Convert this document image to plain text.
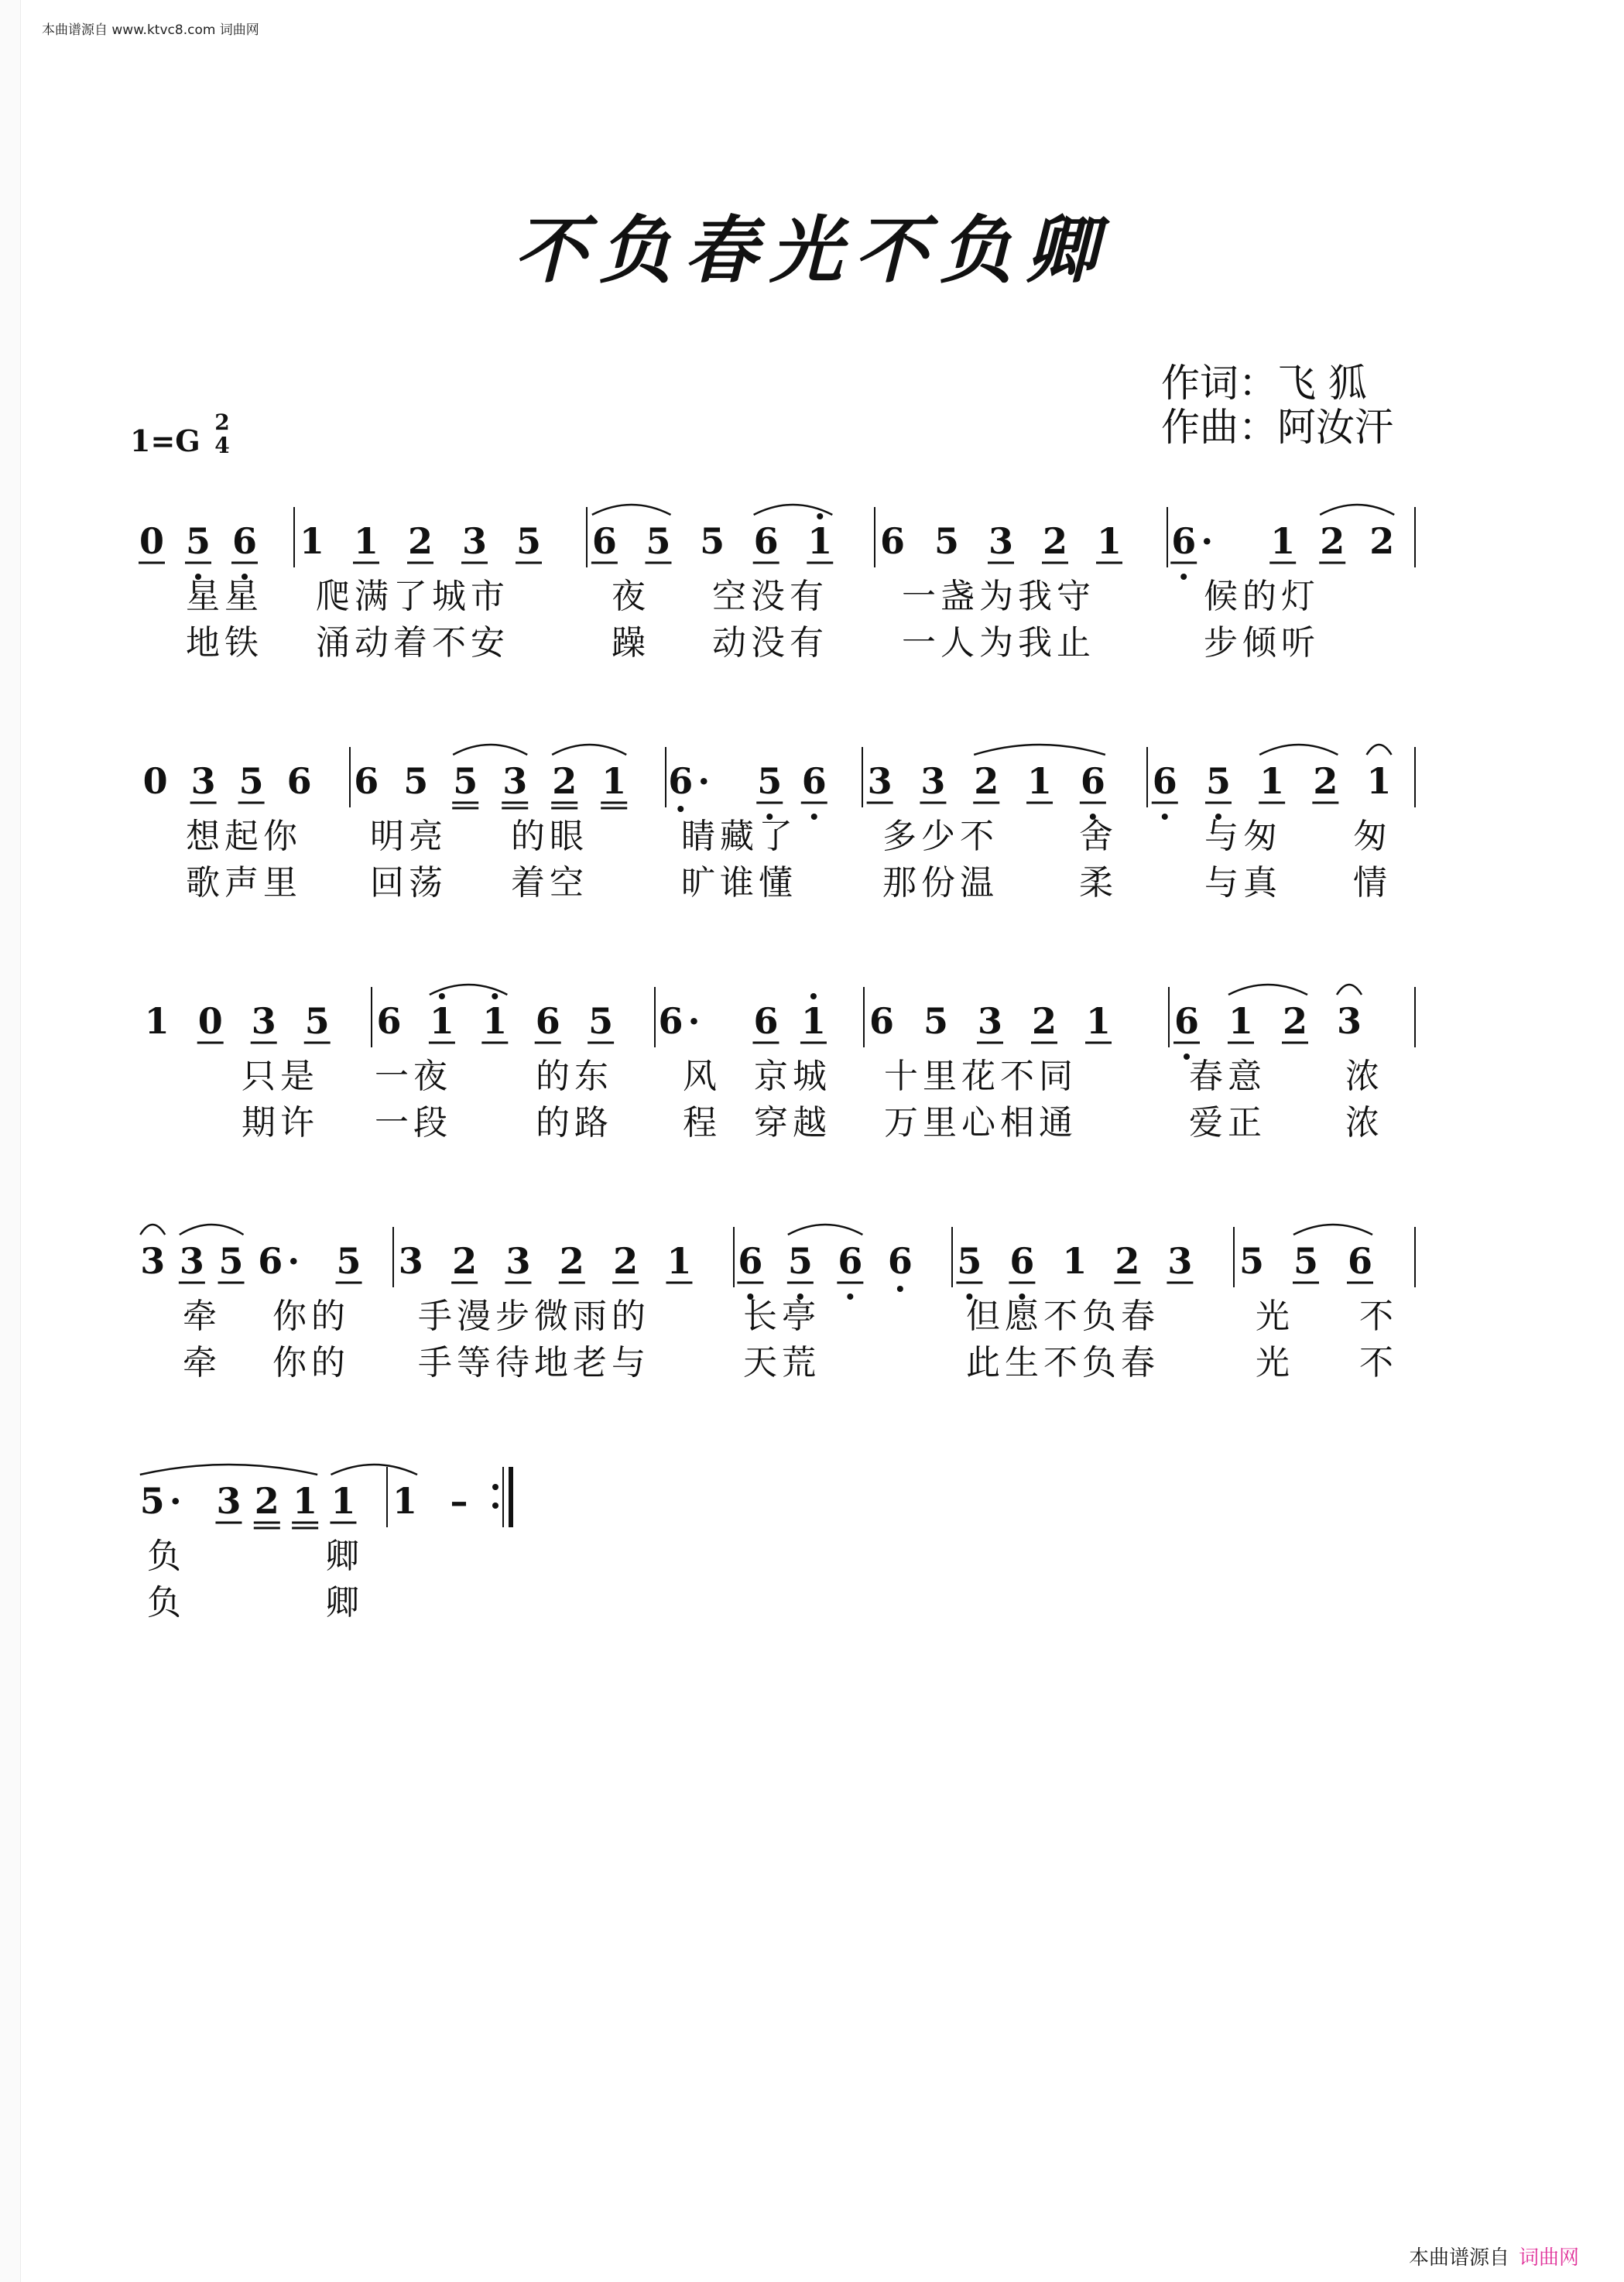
本曲谱源自 www.ktvc8.com 词曲网
不负春光不负卿
作词：飞 狐
作曲：阿汝汗
1=G
2
4
0 5 6 1 1 2 3 5 6 5 5 6 1 6 5 3 2 1 6 · 1 2 2
星星 爬满了城市	夜 空没有 一盏为我守	候的灯
地铁 涌动着不安	躁 动没有 一人为我止	步倾听
0 3 5 6 6 5 5 3 2 1 6 · 5 6 3 3 2 1 6 6 5 1 2 1
想起你 明亮 的眼	睛藏了	多少不 舍	与匆 匆
歌声里 回荡 着空	旷谁懂	那份温 柔	与真 情
1 0 3 5 6 1 1 6 5 6 · 6 1 6 5 3 2 1 6 1 2 3
只是 一夜 的东 风 京城 十里花不同	春意 浓
期许 一段 的路 程 穿越 万里心相通	爱正 浓
3 3 5 6 · 5 3 2 3 2 2 1 6 5 6 6 5 6 1 2 3 5 5 6
牵 你的 手漫步微雨的	长亭	但愿不负春	光 不
牵 你的 手等待地老与	天荒	此生不负春	光 不
5 · 3 2 1 1 1 –
负	卿
负	卿
本曲谱源自 词曲网
